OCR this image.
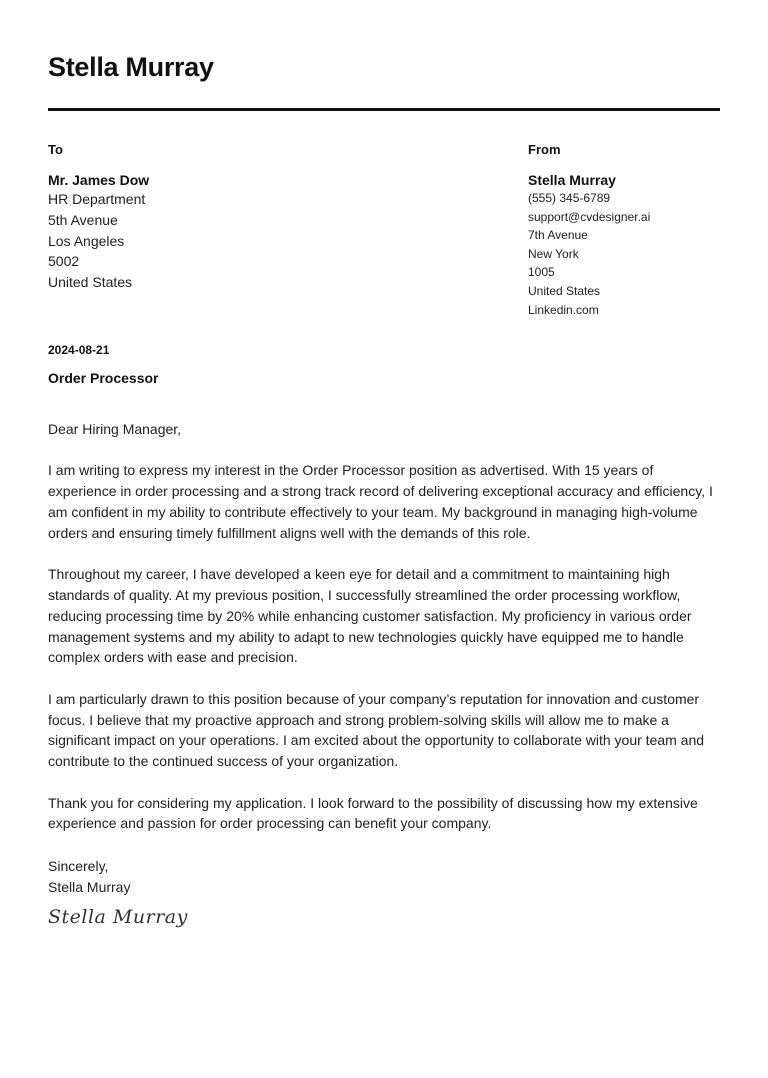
Stella Murray
To
Mr. James Dow
HR Department
5th Avenue
Los Angeles
5002
United States
From
Stella Murray
(555) 345-6789
support@cvdesigner.ai
7th Avenue
New York
1005
United States
Linkedin.com
2024-08-21
Order Processor

Dear Hiring Manager,

I am writing to express my interest in the Order Processor position as advertised. With 15 years of experience in order processing and a strong track record of delivering exceptional accuracy and efficiency, I am confident in my ability to contribute effectively to your team. My background in managing high-volume orders and ensuring timely fulfillment aligns well with the demands of this role.

Throughout my career, I have developed a keen eye for detail and a commitment to maintaining high standards of quality. At my previous position, I successfully streamlined the order processing workflow, reducing processing time by 20% while enhancing customer satisfaction. My proficiency in various order management systems and my ability to adapt to new technologies quickly have equipped me to handle complex orders with ease and precision.

I am particularly drawn to this position because of your company’s reputation for innovation and customer focus. I believe that my proactive approach and strong problem-solving skills will allow me to make a significant impact on your operations. I am excited about the opportunity to collaborate with your team and contribute to the continued success of your organization.

Thank you for considering my application. I look forward to the possibility of discussing how my extensive experience and passion for order processing can benefit your company.

Sincerely,
Stella Murray
Stella Murray
